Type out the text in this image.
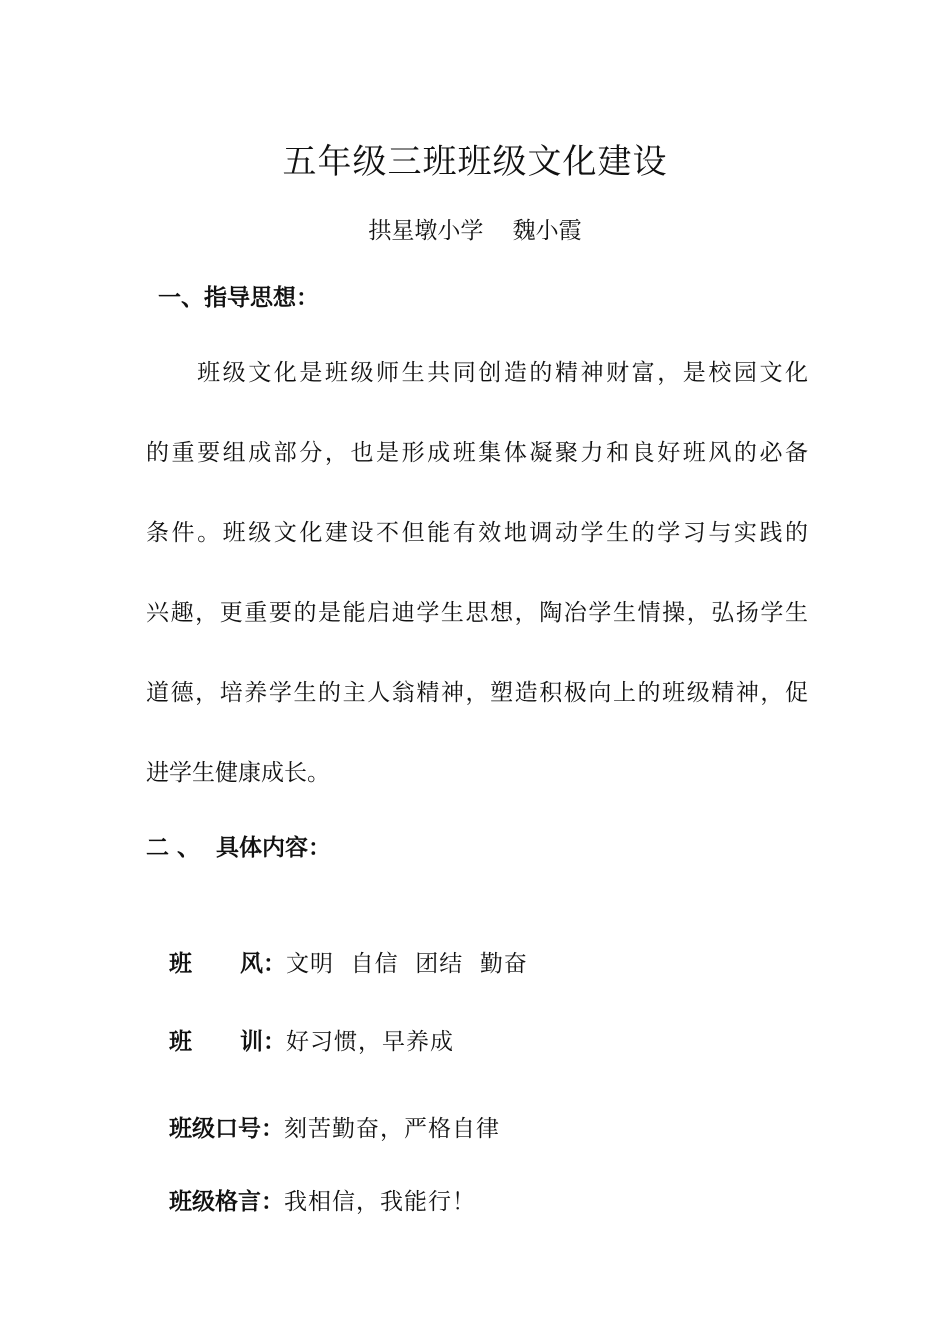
五年级三班班级文化建设
拱星墩小学    魏小霞
一、指导思想：
　　班级文化是班级师生共同创造的精神财富，是校园文化
的重要组成部分，也是形成班集体凝聚力和良好班风的必备
条件。班级文化建设不但能有效地调动学生的学习与实践的
兴趣，更重要的是能启迪学生思想，陶冶学生情操，弘扬学生
道德，培养学生的主人翁精神，塑造积极向上的班级精神，促
进学生健康成长。
二 、  具体内容：

班      风：文明  自信  团结  勤奋

班      训：好习惯，早养成

班级口号：刻苦勤奋，严格自律

班级格言：我相信，我能行！
